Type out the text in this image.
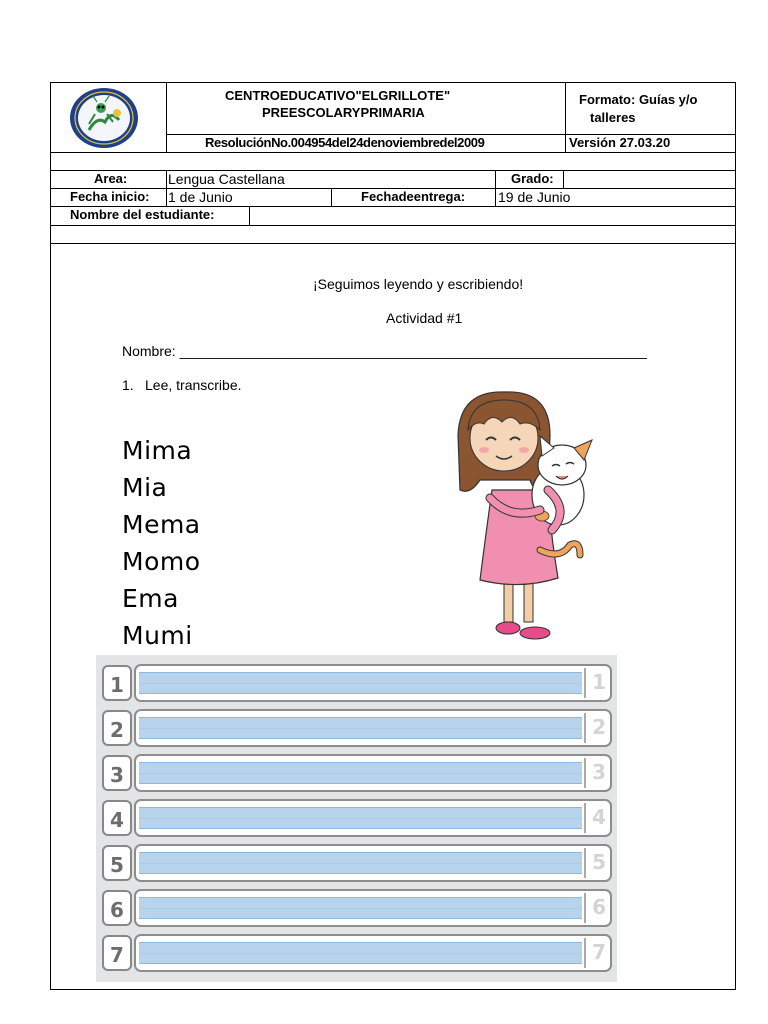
CENTROEDUCATIVO"ELGRILLOTE"
PREESCOLARYPRIMARIA
Formato: Guías y/o
talleres
ResoluciónNo.004954del24denoviembredel2009	Versión 27.03.20
Area:	Lengua Castellana	Grado:
Fecha inicio: 1 de Junio	Fechadeentrega: 19 de Junio
Nombre del estudiante:
¡Seguimos leyendo y escribiendo!
Actividad #1
Nombre: ____________________________________________________________
1. Lee, transcribe.
Mima
Mia
Mema
Momo
Ema
Mumi
1	1
2	2
3	3
4	4
5	5
6	6
7	7
